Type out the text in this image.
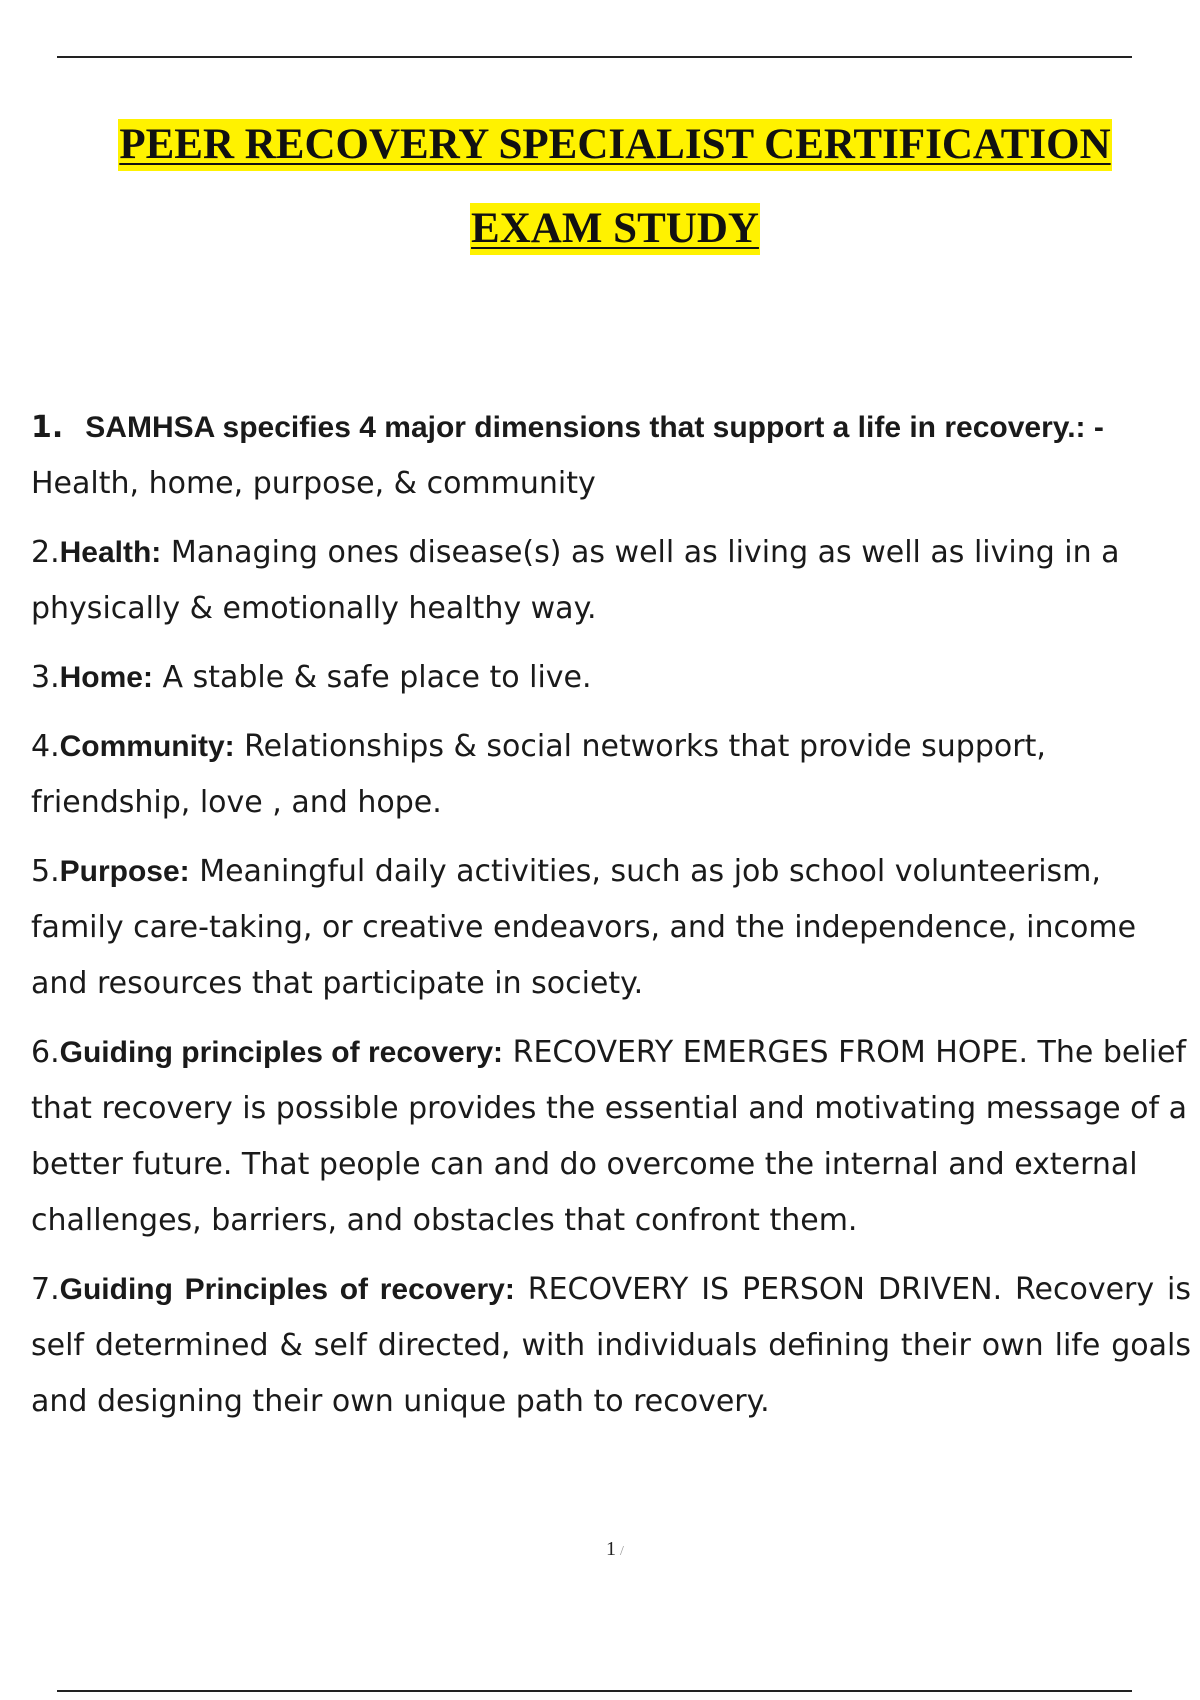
PEER RECOVERY SPECIALIST CERTIFICATION
EXAM STUDY

1. SAMHSA specifies 4 major dimensions that support a life in recovery.: -
Health, home, purpose, & community

2.Health: Managing ones disease(s) as well as living as well as living in a physically & emotionally healthy way.

3.Home: A stable & safe place to live.

4.Community: Relationships & social networks that provide support, friendship, love , and hope.

5.Purpose: Meaningful daily activities, such as job school volunteerism, family care-taking, or creative endeavors, and the independence, income and resources that participate in society.

6.Guiding principles of recovery: RECOVERY EMERGES FROM HOPE. The belief that recovery is possible provides the essential and motivating message of a better future. That people can and do overcome the internal and external challenges, barriers, and obstacles that confront them.

7.Guiding Principles of recovery: RECOVERY IS PERSON DRIVEN. Recovery is self determined & self directed, with individuals defining their own life goals and designing their own unique path to recovery.

1 /
